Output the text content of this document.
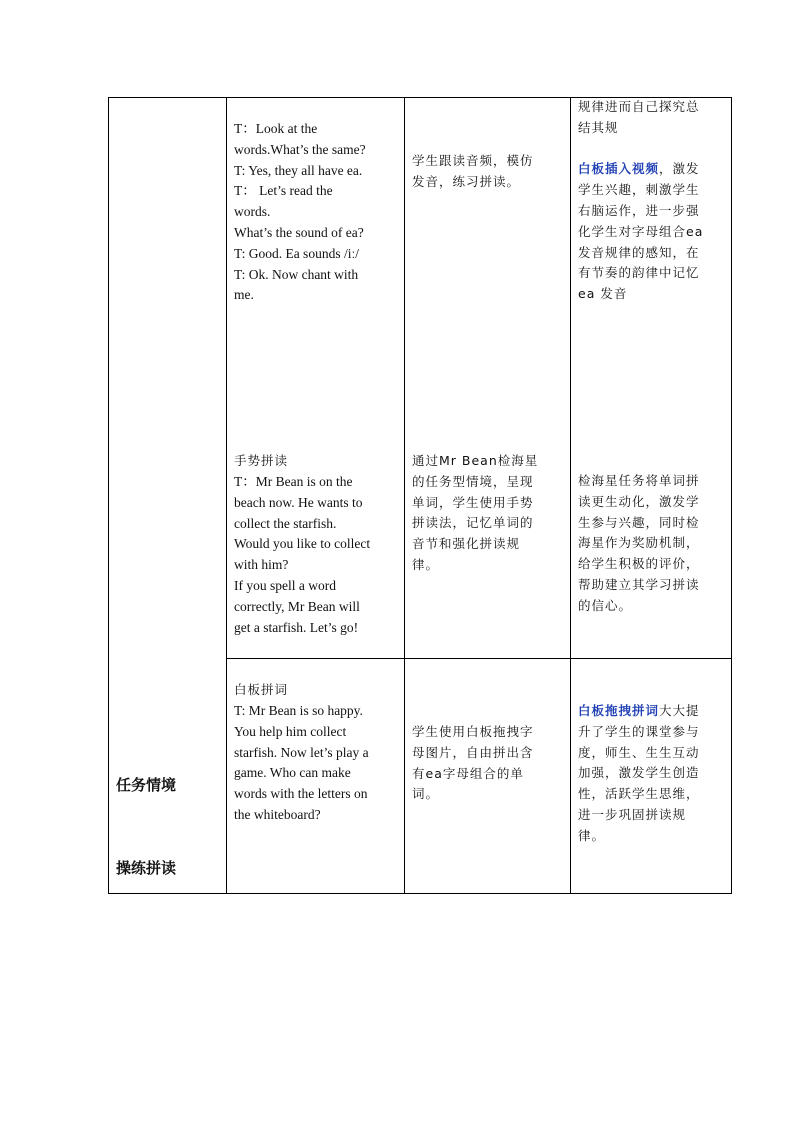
任务情境
操练拼读
T：Look at the
words.What’s the same?
T: Yes, they all have ea.
T： Let’s read the
words.
What’s the sound of ea?
T: Good. Ea sounds /iː/
T: Ok. Now chant with
me.
学生跟读音频，模仿
发音，练习拼读。
规律进而自己探究总
结其规

白板插入视频，激发
学生兴趣，刺激学生
右脑运作，进一步强
化学生对字母组合ea
发音规律的感知，在
有节奏的韵律中记忆
ea 发音
手势拼读
T：Mr Bean is on the
beach now. He wants to
collect the starfish.
Would you like to collect
with him?
If you spell a word
correctly, Mr Bean will
get a starfish. Let’s go!
通过Mr Bean检海星
的任务型情境，呈现
单词，学生使用手势
拼读法，记忆单词的
音节和强化拼读规
律。
检海星任务将单词拼
读更生动化，激发学
生参与兴趣，同时检
海星作为奖励机制，
给学生积极的评价，
帮助建立其学习拼读
的信心。
白板拼词
T: Mr Bean is so happy.
You help him collect
starfish. Now let’s play a
game. Who can make
words with the letters on
the whiteboard?
学生使用白板拖拽字
母图片，自由拼出含
有ea字母组合的单
词。
白板拖拽拼词大大提
升了学生的课堂参与
度，师生、生生互动
加强，激发学生创造
性，活跃学生思维，
进一步巩固拼读规
律。
